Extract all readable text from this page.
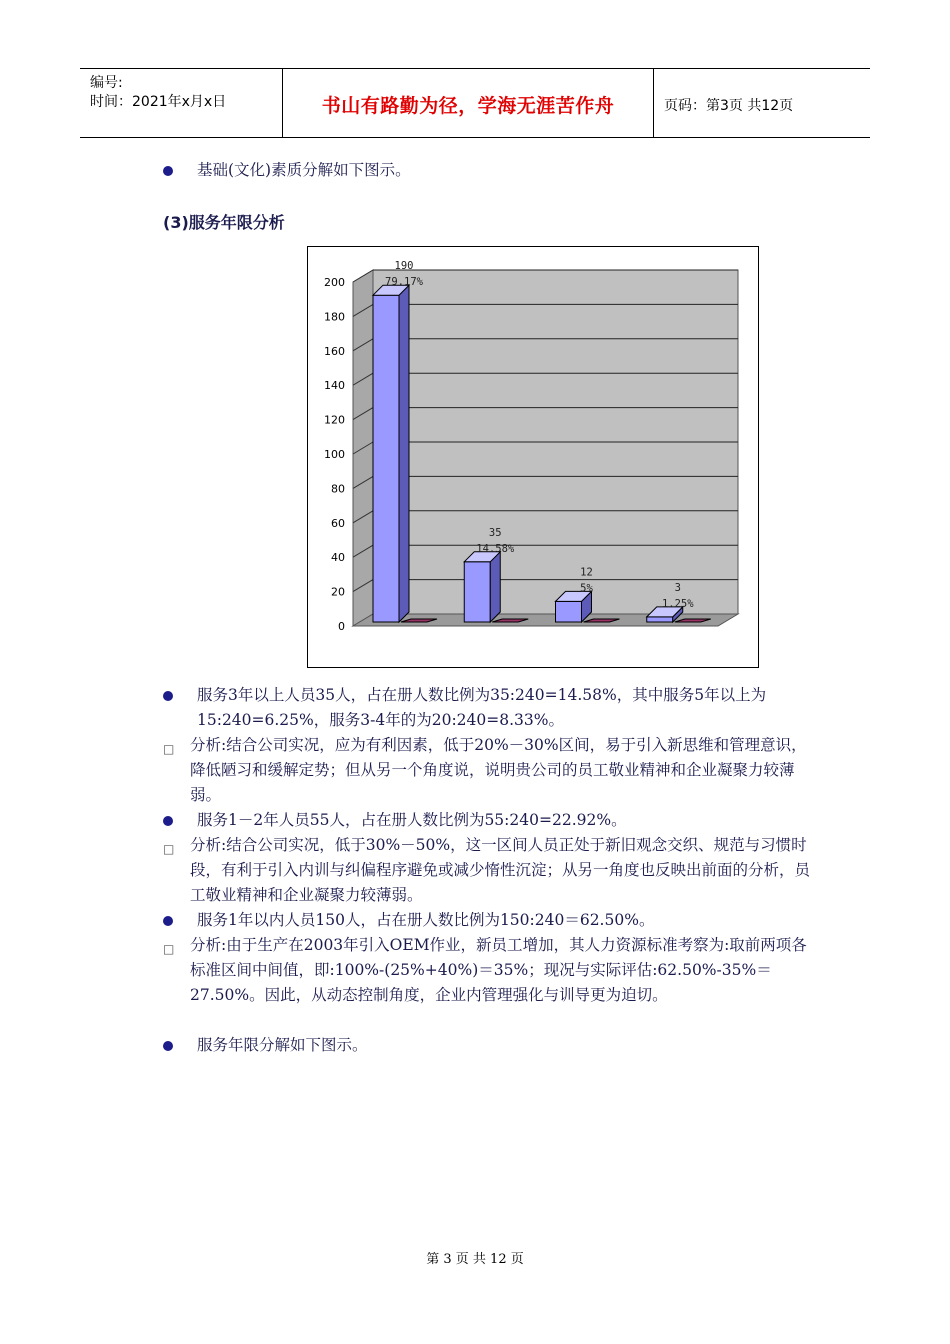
编号:
时间：2021年x月x日	书山有路勤为径，学海无涯苦作舟	页码：第3页 共12页
基础(文化)素质分解如下图示。
(3)服务年限分析
0
20
40
60
80
100
120
140
160
180
200
190
79.17%
35
14.58%
12
5%	3
1.25%
服务3年以上人员35人，占在册人数比例为35:240=14.58%，其中服务5年以上为15:240=6.25%，服务3-4年的为20:240=8.33%。
□ 分析:结合公司实况，应为有利因素，低于20%－30%区间，易于引入新思维和管理意识，降低陋习和缓解定势；但从另一个角度说，说明贵公司的员工敬业精神和企业凝聚力较薄弱。
服务1－2年人员55人，占在册人数比例为55:240=22.92%。
□ 分析:结合公司实况，低于30%－50%，这一区间人员正处于新旧观念交织、规范与习惯时段，有利于引入内训与纠偏程序避免或减少惰性沉淀；从另一角度也反映出前面的分析，员工敬业精神和企业凝聚力较薄弱。
服务1年以内人员150人，占在册人数比例为150:240＝62.50%。
□ 分析:由于生产在2003年引入OEM作业，新员工增加，其人力资源标准考察为:取前两项各标准区间中间值，即:100%-(25%+40%)＝35%；现况与实际评估:62.50%-35%＝27.50%。因此，从动态控制角度，企业内管理强化与训导更为迫切。
服务年限分解如下图示。
第 3 页 共 12 页
